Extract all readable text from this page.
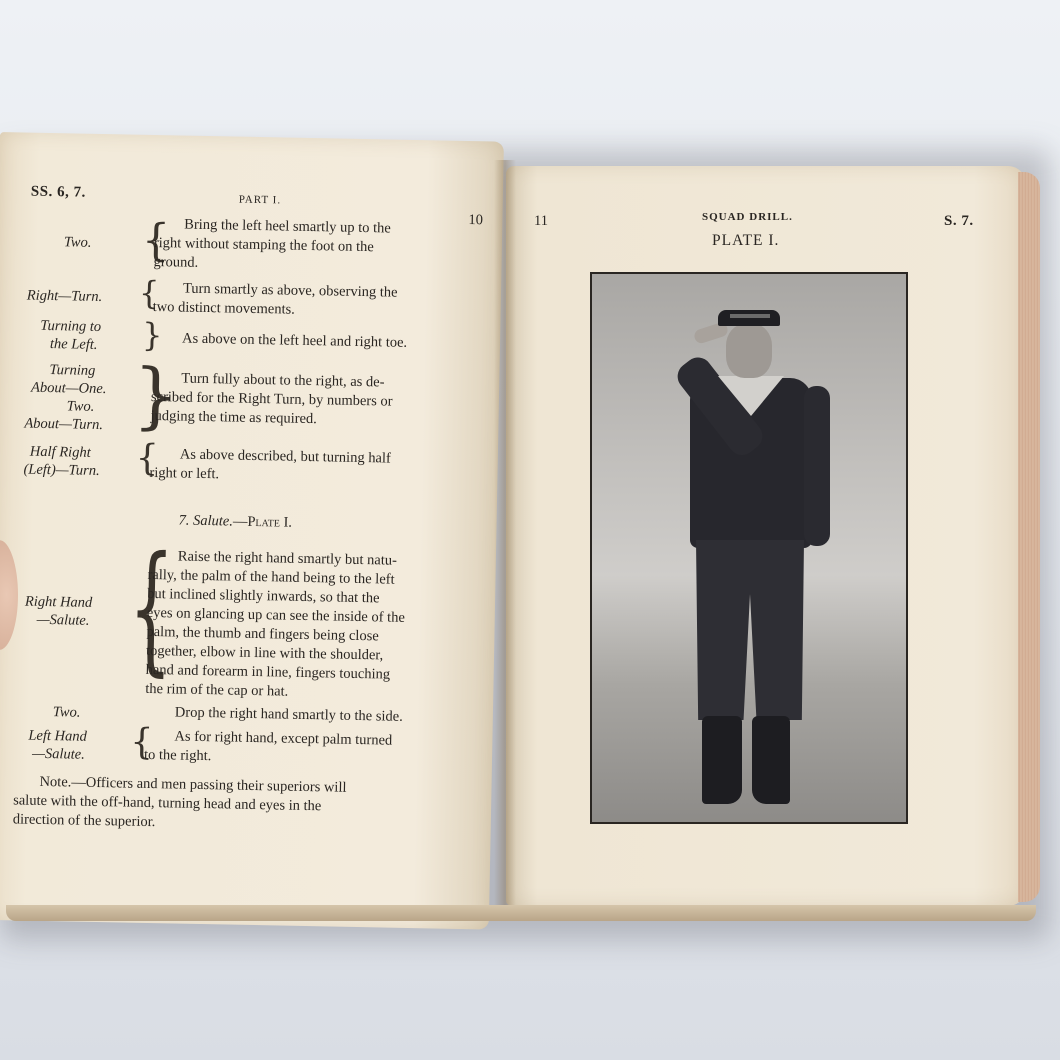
11	SQUAD DRILL.	S. 7.
PLATE I.
SS. 6, 7.	PART I.
10
Two. { Bring the left heel smartly up to the
right without stamping the foot on the
ground.
Right—Turn. { Turn smartly as above, observing the
two distinct movements.
Turning to
the Left. } As above on the left heel and right toe.
Turning
About—One.
Two.
About—Turn. } Turn fully about to the right, as de-
scribed for the Right Turn, by numbers or
judging the time as required.
Half Right
(Left)—Turn. { As above described, but turning half
right or left.
7. Salute.—Plate I.
Right Hand
—Salute. { Raise the right hand smartly but natu-
rally, the palm of the hand being to the left
but inclined slightly inwards, so that the
eyes on glancing up can see the inside of the
palm, the thumb and fingers being close
together, elbow in line with the shoulder,
hand and forearm in line, fingers touching
the rim of the cap or hat.
Two.	Drop the right hand smartly to the side.
Left Hand
—Salute. { As for right hand, except palm turned
to the right.
Note.—Officers and men passing their superiors will
salute with the off-hand, turning head and eyes in the
direction of the superior.
